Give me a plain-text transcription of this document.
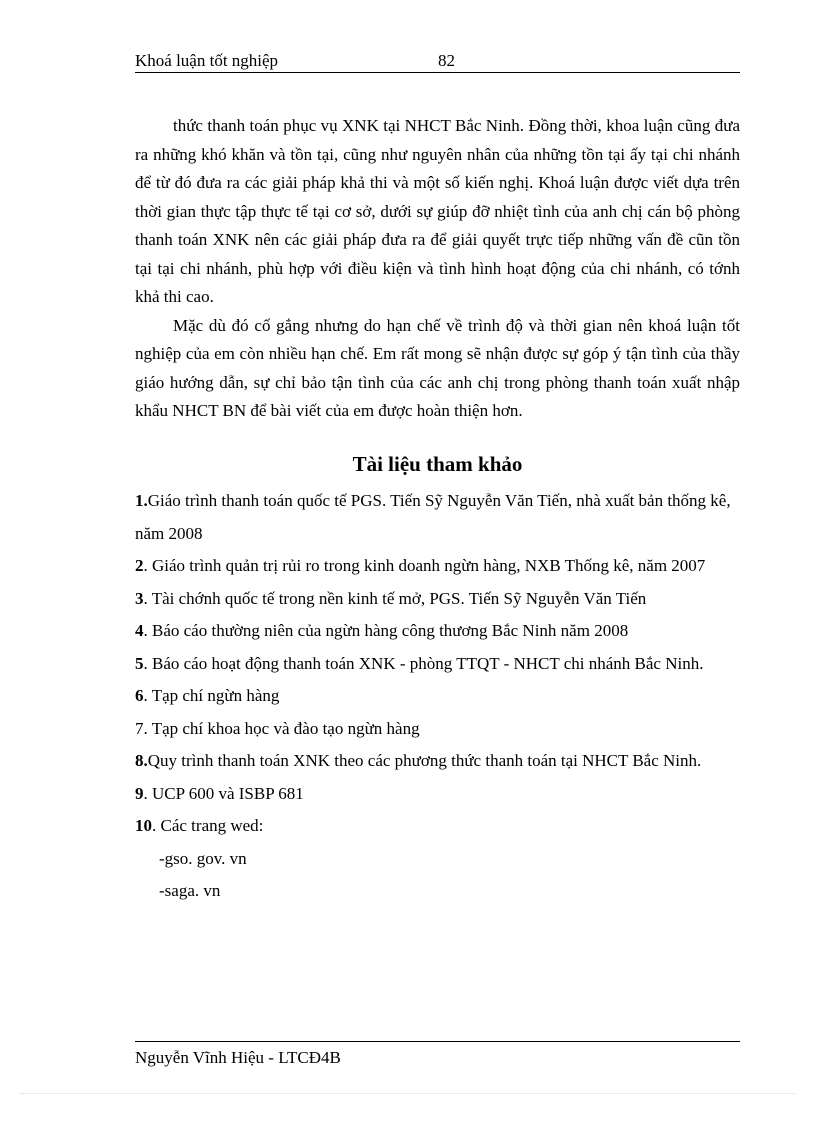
Khoá luận tốt nghiệp	82

thức thanh toán phục vụ XNK tại NHCT Bắc Ninh. Đồng thời, khoa luận cũng đưa ra những khó khăn và tồn tại, cũng như nguyên nhân của những tồn tại ấy tại chi nhánh để từ đó đưa ra các giải pháp khả thi và một số kiến nghị. Khoá luận được viết dựa trên thời gian thực tập thực tế tại cơ sở, dưới sự giúp đỡ nhiệt tình của anh chị cán bộ phòng thanh toán XNK nên các giải pháp đưa ra để giải quyết trực tiếp những vấn đề cũn tồn tại tại chi nhánh, phù hợp với điều kiện và tình hình hoạt động của chi nhánh, có tớnh khả thi cao.

Mặc dù đó cố gắng nhưng do hạn chế về trình độ và thời gian nên khoá luận tốt nghiệp của em còn nhiều hạn chế. Em rất mong sẽ nhận được sự góp ý tận tình của thầy giáo hướng dẫn, sự chỉ bảo tận tình của các anh chị trong phòng thanh toán xuất nhập khẩu NHCT BN để bài viết của em được hoàn thiện hơn.

Tài liệu tham khảo

1.Giáo trình thanh toán quốc tế PGS. Tiến Sỹ Nguyễn Văn Tiến, nhà xuất bản thống kê, năm 2008

2. Giáo trình quản trị rủi ro trong kinh doanh ngừn hàng, NXB Thống kê, năm 2007

3. Tài chớnh quốc tế trong nền kinh tế mở, PGS. Tiến Sỹ Nguyễn Văn Tiến

4. Báo cáo thường niên của ngừn hàng công thương Bắc Ninh năm 2008

5. Báo cáo hoạt động thanh toán XNK - phòng TTQT - NHCT chi nhánh Bắc Ninh.

6. Tạp chí ngừn hàng

7. Tạp chí khoa học và đào tạo ngừn hàng

8.Quy trình thanh toán XNK theo các phương thức thanh toán tại NHCT Bắc Ninh.

9. UCP 600 và ISBP 681

10. Các trang wed:

-gso. gov. vn

-saga. vn

Nguyễn Vĩnh Hiệu - LTCĐ4B
